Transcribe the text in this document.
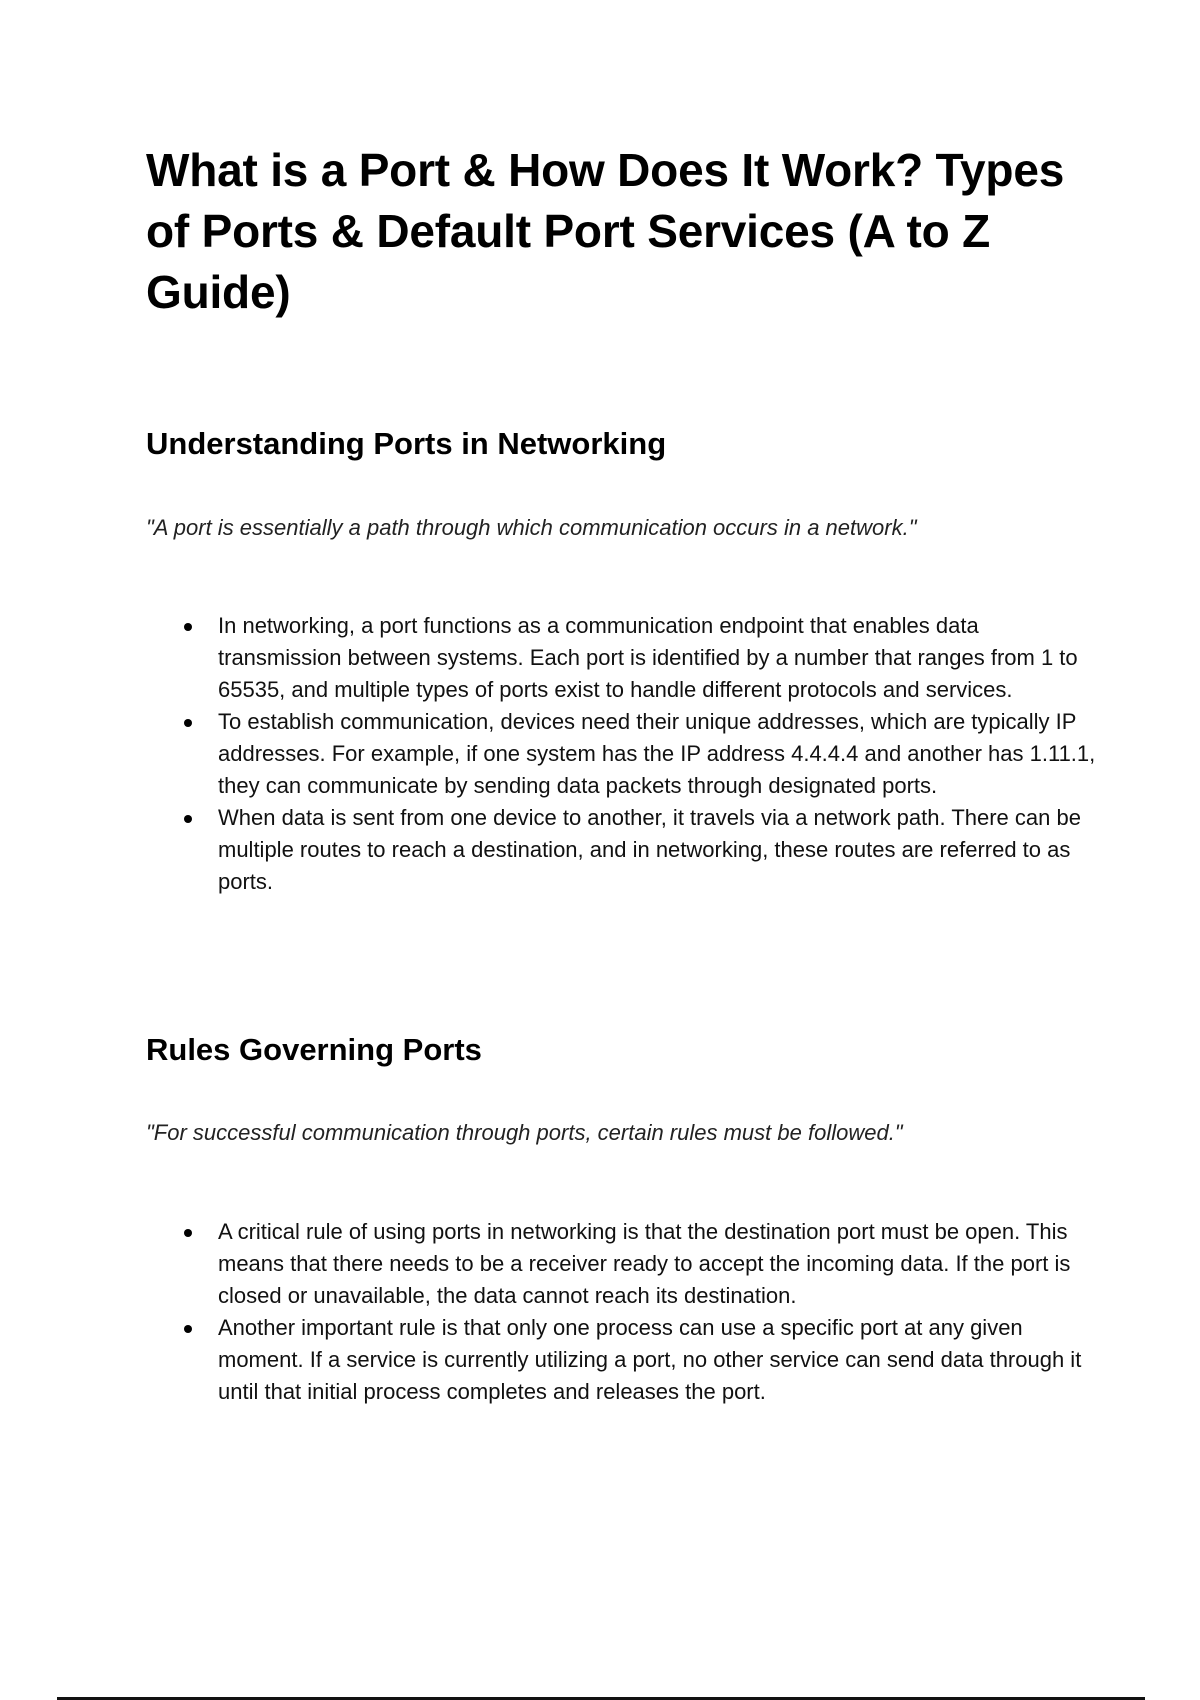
What is a Port & How Does It Work? Types of Ports & Default Port Services (A to Z Guide)
Understanding Ports in Networking

"A port is essentially a path through which communication occurs in a network."

In networking, a port functions as a communication endpoint that enables data transmission between systems. Each port is identified by a number that ranges from 1 to 65535, and multiple types of ports exist to handle different protocols and services.
To establish communication, devices need their unique addresses, which are typically IP addresses. For example, if one system has the IP address 4.4.4.4 and another has 1.11.1, they can communicate by sending data packets through designated ports.
When data is sent from one device to another, it travels via a network path. There can be multiple routes to reach a destination, and in networking, these routes are referred to as ports.
Rules Governing Ports

"For successful communication through ports, certain rules must be followed."

A critical rule of using ports in networking is that the destination port must be open. This means that there needs to be a receiver ready to accept the incoming data. If the port is closed or unavailable, the data cannot reach its destination.
Another important rule is that only one process can use a specific port at any given moment. If a service is currently utilizing a port, no other service can send data through it until that initial process completes and releases the port.
